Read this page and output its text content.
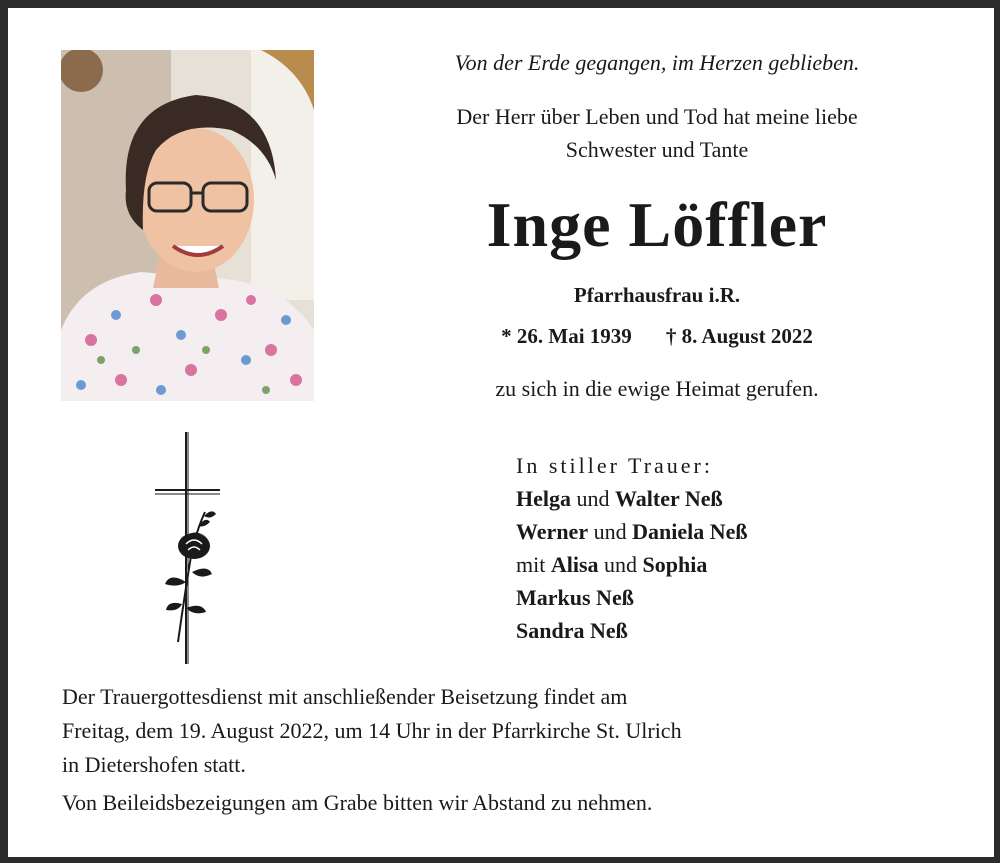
Von der Erde gegangen, im Herzen geblieben.
Der Herr über Leben und Tod hat meine liebe
Schwester und Tante
Inge Löffler
Pfarrhausfrau i.R.
* 26. Mai 1939 † 8. August 2022
zu sich in die ewige Heimat gerufen.
In stiller Trauer:
Helga und Walter Neß
Werner und Daniela Neß
mit Alisa und Sophia
Markus Neß
Sandra Neß
Der Trauergottesdienst mit anschließender Beisetzung findet am
Freitag, dem 19. August 2022, um 14 Uhr in der Pfarrkirche St. Ulrich
in Dietershofen statt.
Von Beileidsbezeigungen am Grabe bitten wir Abstand zu nehmen.
